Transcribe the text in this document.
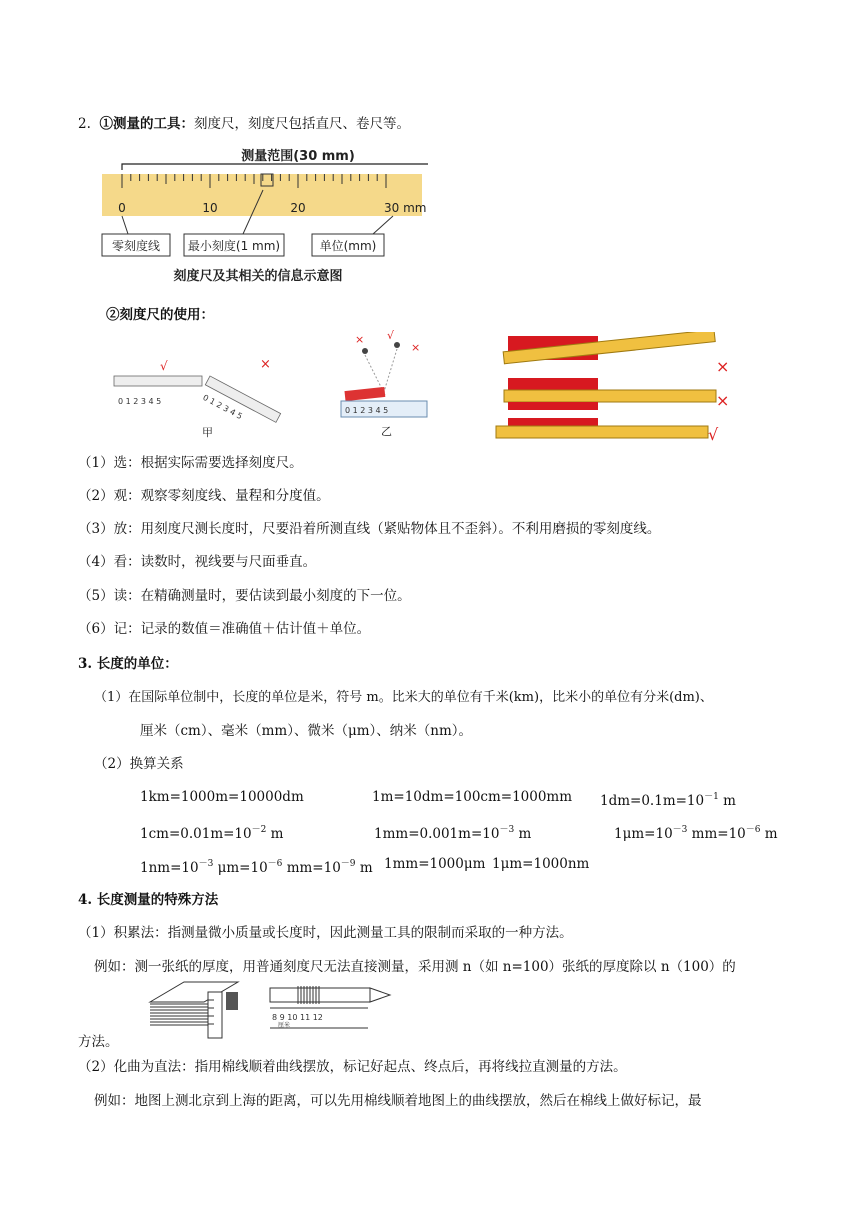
2. ①测量的工具：刻度尺，刻度尺包括直尺、卷尺等。
测量范围(30 mm)
0	10	20	30 mm
零刻度线 最小刻度(1 mm)	单位(mm)
刻度尺及其相关的信息示意图
②刻度尺的使用：
0 1 2 3 4 5
√
0 1 2 3 4 5
×
甲
× √
×
0 1 2 3 4 5
乙
×
×
√
（1）选：根据实际需要选择刻度尺。
（2）观：观察零刻度线、量程和分度值。
（3）放：用刻度尺测长度时，尺要沿着所测直线（紧贴物体且不歪斜）。不利用磨损的零刻度线。
（4）看：读数时，视线要与尺面垂直。
（5）读：在精确测量时，要估读到最小刻度的下一位。
（6）记：记录的数值＝准确值＋估计值＋单位。
3. 长度的单位：
（1）在国际单位制中，长度的单位是米，符号 m。比米大的单位有千米(km)，比米小的单位有分米(dm)、
厘米（cm）、毫米（mm）、微米（μm）、纳米（nm）。
（2）换算关系
1km=1000m=10000dm	1m=10dm=100cm=1000mm $1dm=0.1m=10^{-1}$ m
$1cm=0.01m=10^{-2}$ m	$1mm=0.001m=10^{-3}$ m	$1\mu m=10^{-3}$ $mm=10^{-6}$ m
$1nm=10^{-3}$ $\mu m=10^{-6}$ $mm=10^{-9}$ m 1mm=1000μm 1μm=1000nm
4. 长度测量的特殊方法
（1）积累法：指测量微小质量或长度时，因此测量工具的限制而采取的一种方法。
例如：测一张纸的厚度，用普通刻度尺无法直接测量，采用测 n（如 n=100）张纸的厚度除以 n（100）的
8 9 10 11 12
厘米
方法。
（2）化曲为直法：指用棉线顺着曲线摆放，标记好起点、终点后，再将线拉直测量的方法。
例如：地图上测北京到上海的距离，可以先用棉线顺着地图上的曲线摆放，然后在棉线上做好标记，最
